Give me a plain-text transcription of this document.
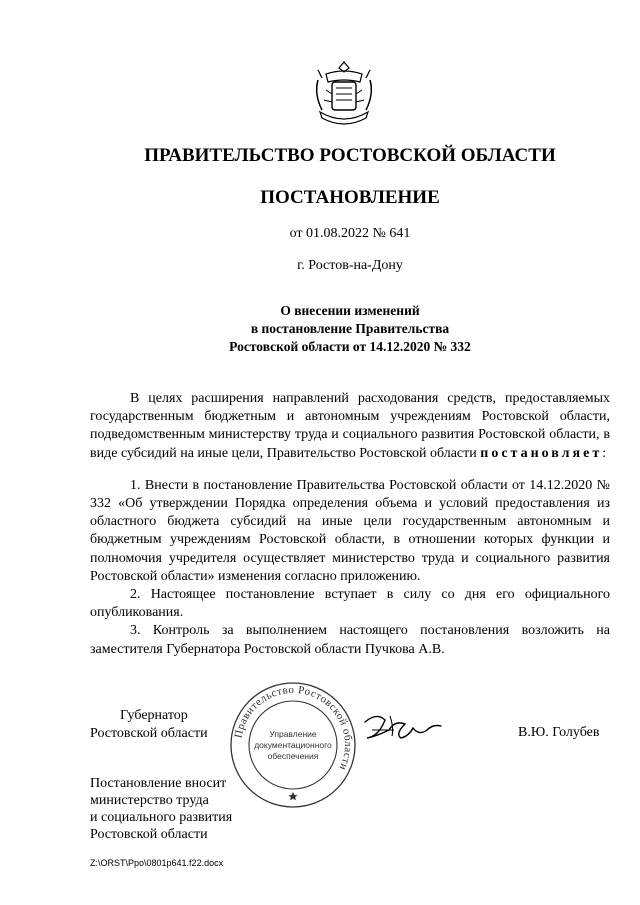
ПРАВИТЕЛЬСТВО РОСТОВСКОЙ ОБЛАСТИ
ПОСТАНОВЛЕНИЕ
от 01.08.2022 № 641
г. Ростов-на-Дону
О внесении изменений
в постановление Правительства
Ростовской области от 14.12.2020 № 332

В целях расширения направлений расходования средств, предоставляемых государственным бюджетным и автономным учреждениям Ростовской области, подведомственным министерству труда и социального развития Ростовской области, в виде субсидий на иные цели, Правительство Ростовской области постановляет:

1. Внести в постановление Правительства Ростовской области от 14.12.2020 № 332 «Об утверждении Порядка определения объема и условий предоставления из областного бюджета субсидий на иные цели государственным автономным и бюджетным учреждениям Ростовской области, в отношении которых функции и полномочия учредителя осуществляет министерство труда и социального развития Ростовской области» изменения согласно приложению.

2. Настоящее постановление вступает в силу со дня его официального опубликования.

3. Контроль за выполнением настоящего постановления возложить на заместителя Губернатора Ростовской области Пучкова А.В.

Губернатор
Ростовской области	Правительство Ростовской области
Управление
документационного
обеспечения
В.Ю. Голубев
Постановление вносит
министерство труда
и социального развития
Ростовской области
Z:\ORST\Ppo\0801p641.f22.docx
